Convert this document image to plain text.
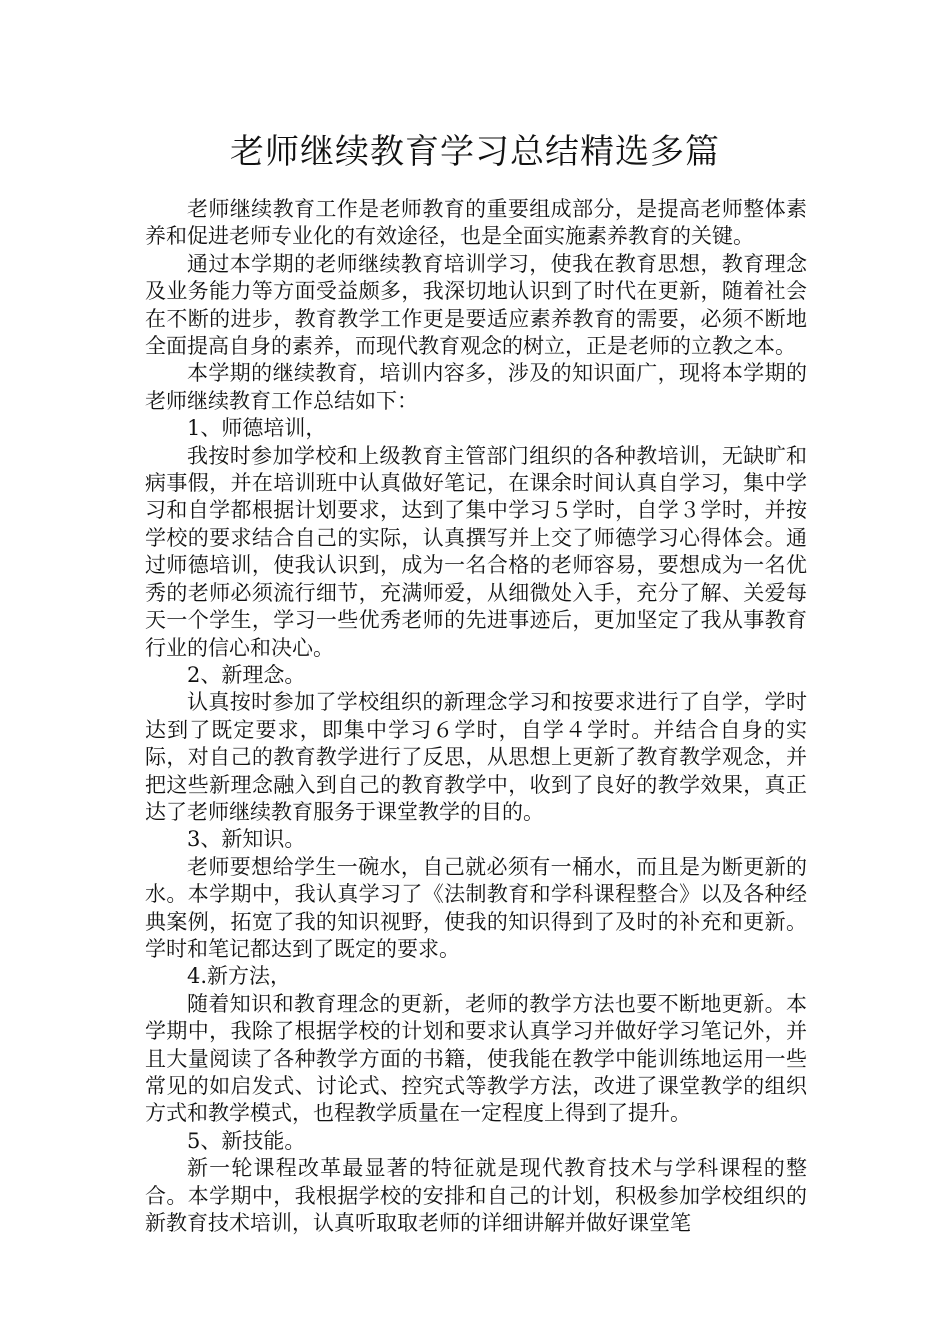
老师继续教育学习总结精选多篇

老师继续教育工作是老师教育的重要组成部分，是提高老师整体素养和促进老师专业化的有效途径，也是全面实施素养教育的关键。

通过本学期的老师继续教育培训学习，使我在教育思想，教育理念及业务能力等方面受益颇多，我深切地认识到了时代在更新，随着社会在不断的进步，教育教学工作更是要适应素养教育的需要，必须不断地全面提高自身的素养，而现代教育观念的树立，正是老师的立教之本。

本学期的继续教育，培训内容多，涉及的知识面广，现将本学期的老师继续教育工作总结如下：

1、师德培训，

我按时参加学校和上级教育主管部门组织的各种教培训，无缺旷和病事假，并在培训班中认真做好笔记，在课余时间认真自学习，集中学习和自学都根据计划要求，达到了集中学习５学时，自学３学时，并按学校的要求结合自己的实际，认真撰写并上交了师德学习心得体会。通过师德培训，使我认识到，成为一名合格的老师容易，要想成为一名优秀的老师必须流行细节，充满师爱，从细微处入手，充分了解、关爱每天一个学生，学习一些优秀老师的先进事迹后，更加坚定了我从事教育行业的信心和决心。

2、新理念。

认真按时参加了学校组织的新理念学习和按要求进行了自学，学时达到了既定要求，即集中学习６学时，自学４学时。并结合自身的实际，对自己的教育教学进行了反思，从思想上更新了教育教学观念，并把这些新理念融入到自己的教育教学中，收到了良好的教学效果，真正达了老师继续教育服务于课堂教学的目的。

3、新知识。

老师要想给学生一碗水，自己就必须有一桶水，而且是为断更新的水。本学期中，我认真学习了《法制教育和学科课程整合》以及各种经典案例，拓宽了我的知识视野，使我的知识得到了及时的补充和更新。学时和笔记都达到了既定的要求。

4.新方法，

随着知识和教育理念的更新，老师的教学方法也要不断地更新。本学期中，我除了根据学校的计划和要求认真学习并做好学习笔记外，并且大量阅读了各种教学方面的书籍，使我能在教学中能训练地运用一些常见的如启发式、讨论式、控究式等教学方法，改进了课堂教学的组织方式和教学模式，也程教学质量在一定程度上得到了提升。

5、新技能。

新一轮课程改革最显著的特征就是现代教育技术与学科课程的整合。本学期中，我根据学校的安排和自己的计划，积极参加学校组织的新教育技术培训，认真听取取老师的详细讲解并做好课堂笔
